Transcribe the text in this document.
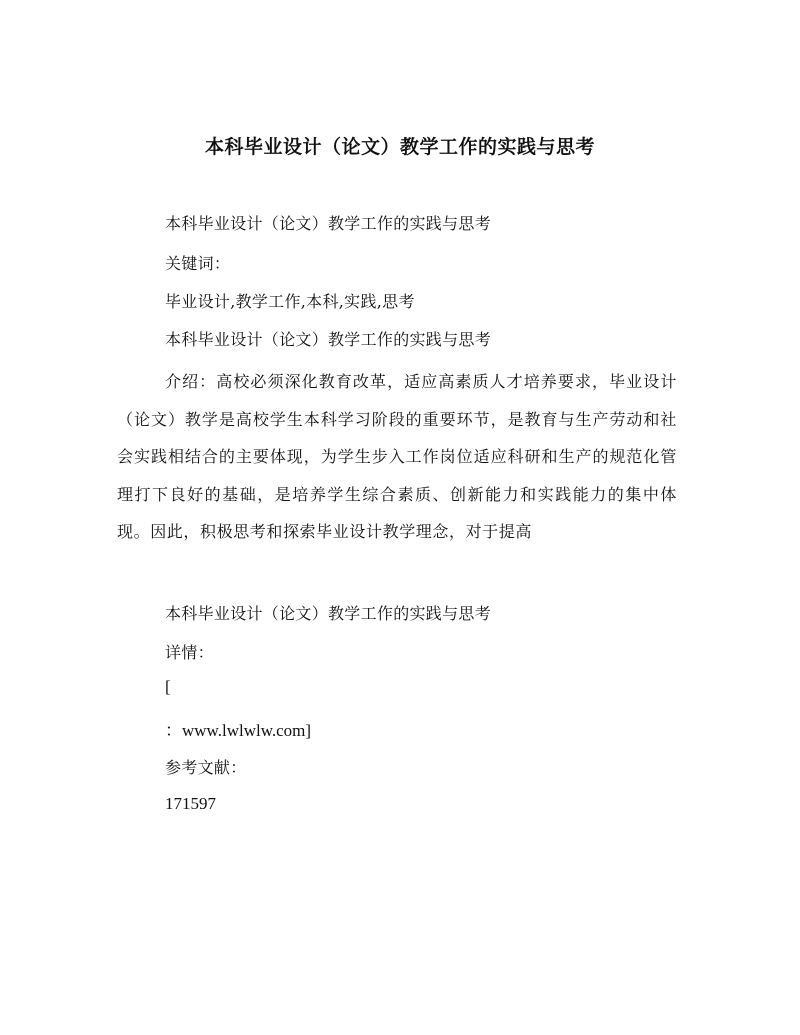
本科毕业设计（论文）教学工作的实践与思考
本科毕业设计（论文）教学工作的实践与思考
关键词：
毕业设计,教学工作,本科,实践,思考
本科毕业设计（论文）教学工作的实践与思考
介绍：高校必须深化教育改革，适应高素质人才培养要求，毕业设计（论文）教学是高校学生本科学习阶段的重要环节，是教育与生产劳动和社会实践相结合的主要体现，为学生步入工作岗位适应科研和生产的规范化管理打下良好的基础，是培养学生综合素质、创新能力和实践能力的集中体现。因此，积极思考和探索毕业设计教学理念，对于提高
本科毕业设计（论文）教学工作的实践与思考
详情：
[
：www.lwlwlw.com]
参考文献：
171597
